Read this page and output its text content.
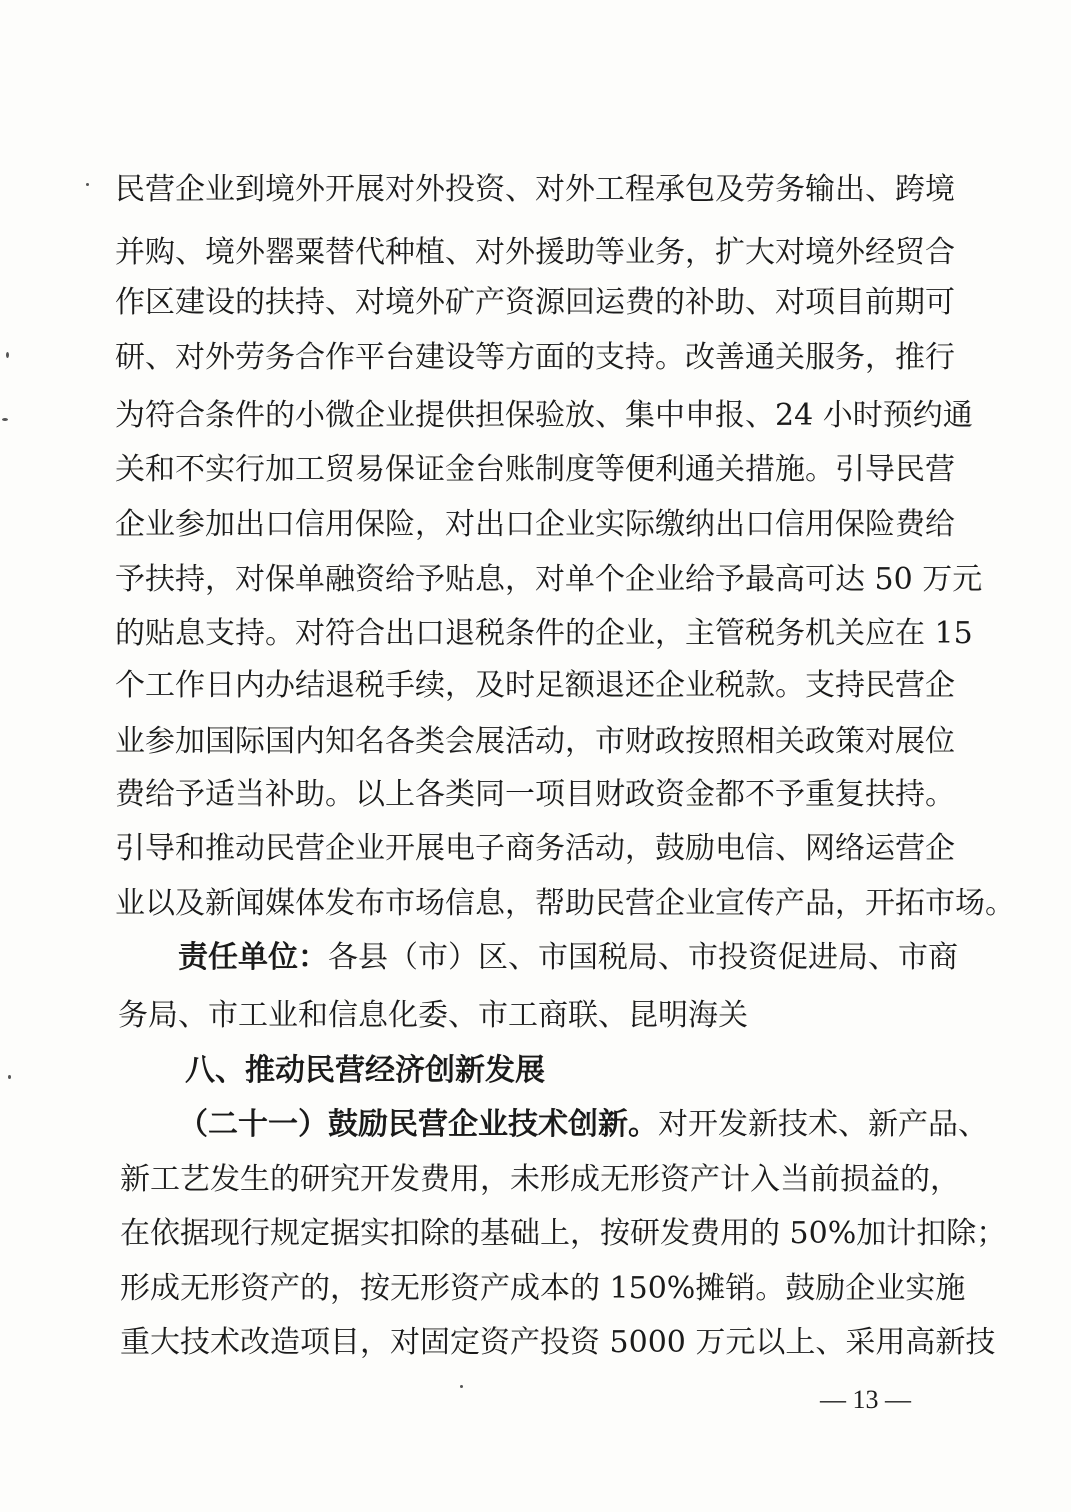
民营企业到境外开展对外投资、对外工程承包及劳务输出、跨境
并购、境外罂粟替代种植、对外援助等业务，扩大对境外经贸合
作区建设的扶持、对境外矿产资源回运费的补助、对项目前期可
研、对外劳务合作平台建设等方面的支持。改善通关服务，推行
为符合条件的小微企业提供担保验放、集中申报、24 小时预约通
关和不实行加工贸易保证金台账制度等便利通关措施。引导民营
企业参加出口信用保险，对出口企业实际缴纳出口信用保险费给
予扶持，对保单融资给予贴息，对单个企业给予最高可达 50 万元
的贴息支持。对符合出口退税条件的企业，主管税务机关应在 15
个工作日内办结退税手续，及时足额退还企业税款。支持民营企
业参加国际国内知名各类会展活动，市财政按照相关政策对展位
费给予适当补助。以上各类同一项目财政资金都不予重复扶持。
引导和推动民营企业开展电子商务活动，鼓励电信、网络运营企
业以及新闻媒体发布市场信息，帮助民营企业宣传产品，开拓市场。
责任单位：各县（市）区、市国税局、市投资促进局、市商
务局、市工业和信息化委、市工商联、昆明海关
八、推动民营经济创新发展
（二十一）鼓励民营企业技术创新。对开发新技术、新产品、
新工艺发生的研究开发费用，未形成无形资产计入当前损益的，
在依据现行规定据实扣除的基础上，按研发费用的 50%加计扣除；
形成无形资产的，按无形资产成本的 150%摊销。鼓励企业实施
重大技术改造项目，对固定资产投资 5000 万元以上、采用高新技
— 13 —
